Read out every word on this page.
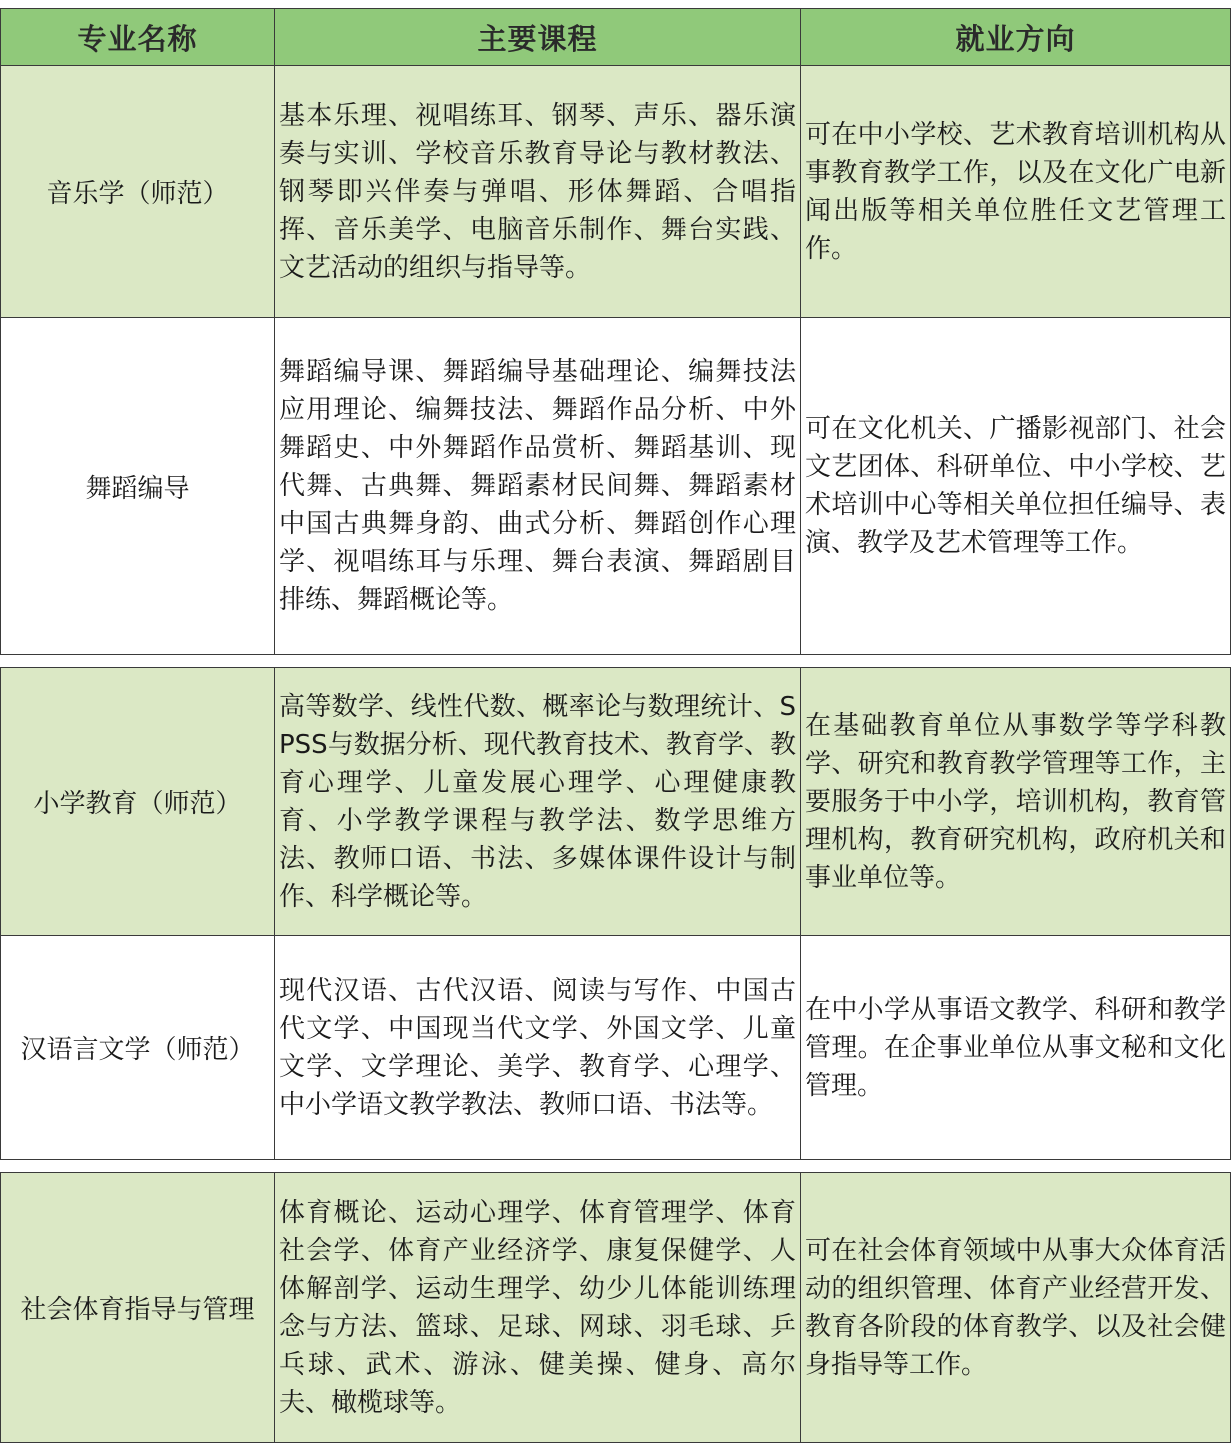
专业名称	主要课程	就业方向
音乐学（师范）	基本乐理、视唱练耳、钢琴、声乐、器乐演奏与实训、学校音乐教育导论与教材教法、钢琴即兴伴奏与弹唱、形体舞蹈、合唱指挥、音乐美学、电脑音乐制作、舞台实践、文艺活动的组织与指导等。	可在中小学校、艺术教育培训机构从事教育教学工作，以及在文化广电新闻出版等相关单位胜任文艺管理工作。
舞蹈编导	舞蹈编导课、舞蹈编导基础理论、编舞技法应用理论、编舞技法、舞蹈作品分析、中外舞蹈史、中外舞蹈作品赏析、舞蹈基训、现代舞、古典舞、舞蹈素材民间舞、舞蹈素材中国古典舞身韵、曲式分析、舞蹈创作心理学、视唱练耳与乐理、舞台表演、舞蹈剧目排练、舞蹈概论等。	可在文化机关、广播影视部门、社会文艺团体、科研单位、中小学校、艺术培训中心等相关单位担任编导、表演、教学及艺术管理等工作。
小学教育（师范）	高等数学、线性代数、概率论与数理统计、SPSS与数据分析、现代教育技术、教育学、教育心理学、儿童发展心理学、心理健康教育、小学教学课程与教学法、数学思维方法、教师口语、书法、多媒体课件设计与制作、科学概论等。	在基础教育单位从事数学等学科教学、研究和教育教学管理等工作，主要服务于中小学，培训机构，教育管理机构，教育研究机构，政府机关和事业单位等。
汉语言文学（师范）	现代汉语、古代汉语、阅读与写作、中国古代文学、中国现当代文学、外国文学、儿童文学、文学理论、美学、教育学、心理学、中小学语文教学教法、教师口语、书法等。	在中小学从事语文教学、科研和教学管理。在企事业单位从事文秘和文化管理。
社会体育指导与管理	体育概论、运动心理学、体育管理学、体育社会学、体育产业经济学、康复保健学、人体解剖学、运动生理学、幼少儿体能训练理念与方法、篮球、足球、网球、羽毛球、乒乓球、武术、游泳、健美操、健身、高尔夫、橄榄球等。	可在社会体育领域中从事大众体育活动的组织管理、体育产业经营开发、教育各阶段的体育教学、以及社会健身指导等工作。
